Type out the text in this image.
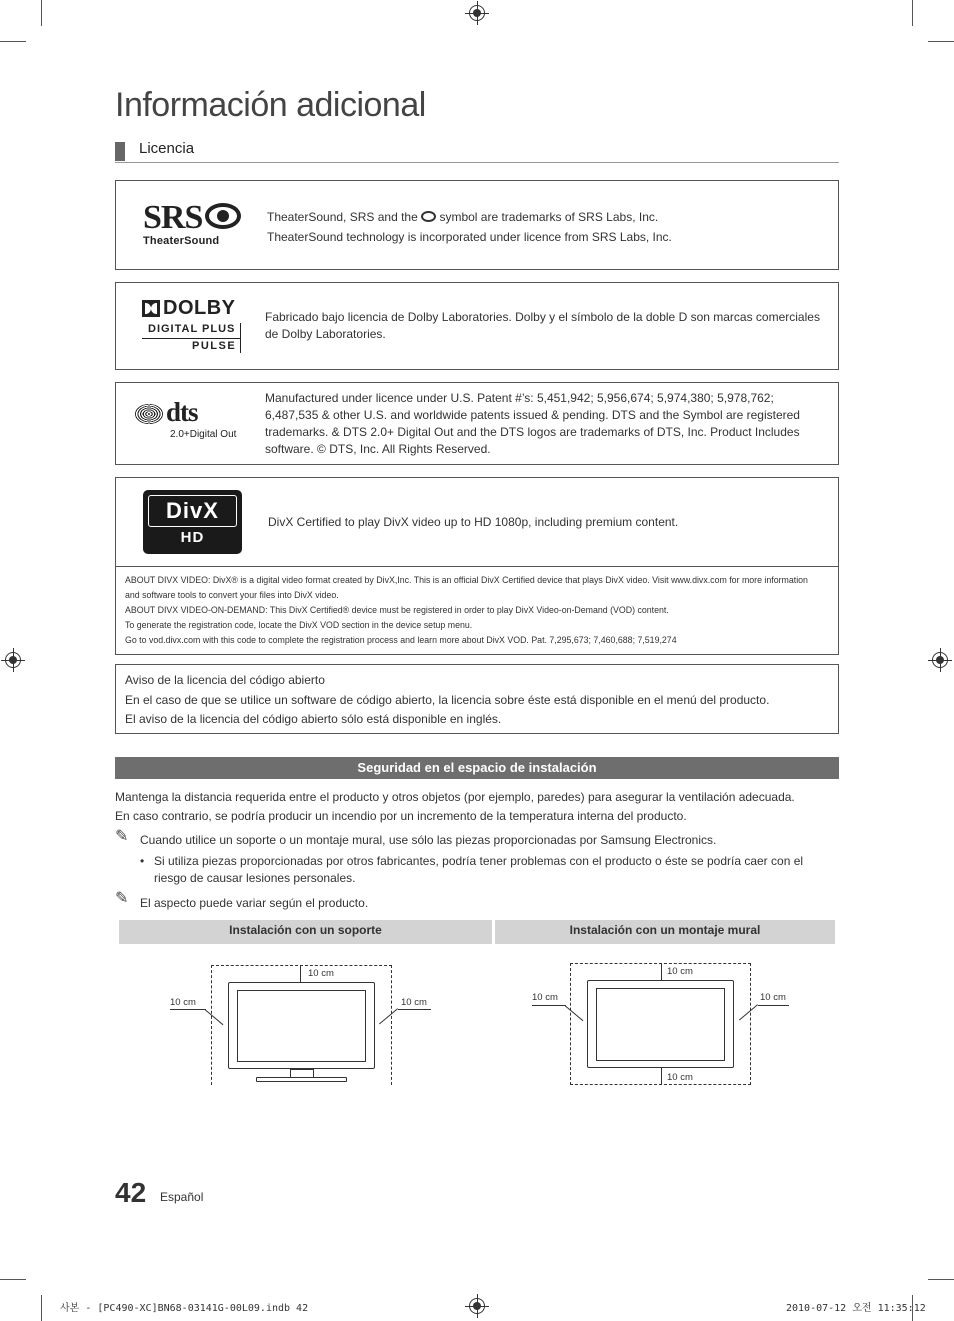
Información adicional
Licencia
SRS
TheaterSound
TheaterSound, SRS and the  symbol are trademarks of SRS Labs, Inc.
TheaterSound technology is incorporated under licence from SRS Labs, Inc.
DOLBY
DIGITAL PLUS
PULSE
Fabricado bajo licencia de Dolby Laboratories. Dolby y el símbolo de la doble D son marcas comerciales de Dolby Laboratories.
dts
2.0+Digital Out
Manufactured under licence under U.S. Patent #’s: 5,451,942; 5,956,674; 5,974,380; 5,978,762; 6,487,535 & other U.S. and worldwide patents issued & pending. DTS and the Symbol are registered trademarks. & DTS 2.0+ Digital Out and the DTS logos are trademarks of DTS, Inc. Product Includes software. © DTS, Inc. All Rights Reserved.
DivX
HD
DivX Certified to play DivX video up to HD 1080p, including premium content.
ABOUT DIVX VIDEO: DivX® is a digital video format created by DivX,Inc. This is an official DivX Certified device that plays DivX video. Visit www.divx.com for more information and software tools to convert your files into DivX video.
ABOUT DIVX VIDEO-ON-DEMAND: This DivX Certified® device must be registered in order to play DivX Video-on-Demand (VOD) content.
To generate the registration code, locate the DivX VOD section in the device setup menu.
Go to vod.divx.com with this code to complete the registration process and learn more about DivX VOD. Pat. 7,295,673; 7,460,688; 7,519,274
Aviso de la licencia del código abierto
En el caso de que se utilice un software de código abierto, la licencia sobre éste está disponible en el menú del producto.
El aviso de la licencia del código abierto sólo está disponible en inglés.
Seguridad en el espacio de instalación
Mantenga la distancia requerida entre el producto y otros objetos (por ejemplo, paredes) para asegurar la ventilación adecuada.
En caso contrario, se podría producir un incendio por un incremento de la temperatura interna del producto.
✎ Cuando utilice un soporte o un montaje mural, use sólo las piezas proporcionadas por Samsung Electronics.
• Si utiliza piezas proporcionadas por otros fabricantes, podría tener problemas con el producto o éste se podría caer con el riesgo de causar lesiones personales.
✎ El aspecto puede variar según el producto.
Instalación con un soporte	Instalación con un montaje mural
10 cm
10 cm	10 cm
10 cm
10 cm
10 cm	10 cm
42 Español
사본 - [PC490-XC]BN68-03141G-00L09.indb 42	2010-07-12 오전 11:35:12
